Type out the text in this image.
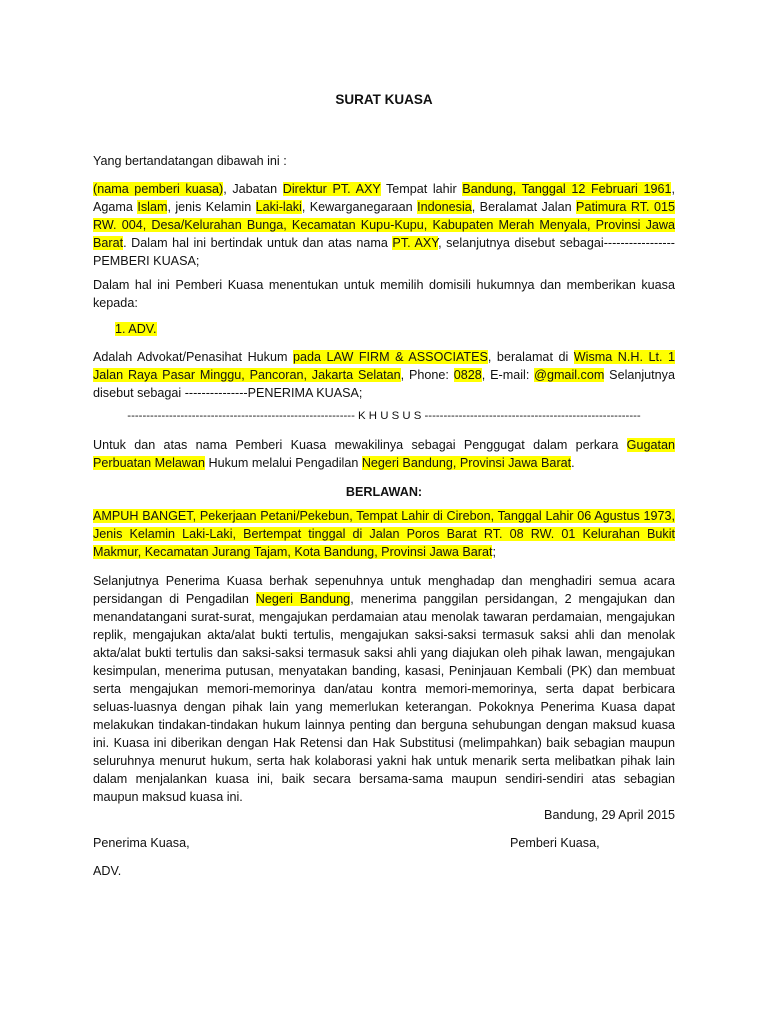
SURAT KUASA

Yang bertandatangan dibawah ini :

(nama pemberi kuasa), Jabatan Direktur PT. AXY Tempat lahir Bandung, Tanggal 12 Februari 1961, Agama Islam, jenis Kelamin Laki-laki, Kewarganegaraan Indonesia, Beralamat Jalan Patimura RT. 015 RW. 004, Desa/Kelurahan Bunga, Kecamatan Kupu-Kupu, Kabupaten Merah Menyala, Provinsi Jawa Barat. Dalam hal ini bertindak untuk dan atas nama PT. AXY, selanjutnya disebut sebagai-----------------PEMBERI KUASA;

Dalam hal ini Pemberi Kuasa menentukan untuk memilih domisili hukumnya dan memberikan kuasa kepada:

1. ADV.

Adalah Advokat/Penasihat Hukum pada LAW FIRM & ASSOCIATES, beralamat di Wisma N.H. Lt. 1 Jalan Raya Pasar Minggu, Pancoran, Jakarta Selatan, Phone: 0828, E-mail: @gmail.com Selanjutnya disebut sebagai ---------------PENERIMA KUASA;

------------------------------------------------------------ K H U S U S ---------------------------------------------------------

Untuk dan atas nama Pemberi Kuasa mewakilinya sebagai Penggugat dalam perkara Gugatan Perbuatan Melawan Hukum melalui Pengadilan Negeri Bandung, Provinsi Jawa Barat.

BERLAWAN:

AMPUH BANGET, Pekerjaan Petani/Pekebun, Tempat Lahir di Cirebon, Tanggal Lahir 06 Agustus 1973, Jenis Kelamin Laki-Laki, Bertempat tinggal di Jalan Poros Barat RT. 08 RW. 01 Kelurahan Bukit Makmur, Kecamatan Jurang Tajam, Kota Bandung, Provinsi Jawa Barat;

Selanjutnya Penerima Kuasa berhak sepenuhnya untuk menghadap dan menghadiri semua acara persidangan di Pengadilan Negeri Bandung, menerima panggilan persidangan, 2 mengajukan dan menandatangani surat-surat, mengajukan perdamaian atau menolak tawaran perdamaian, mengajukan replik, mengajukan akta/alat bukti tertulis, mengajukan saksi-saksi termasuk saksi ahli dan menolak akta/alat bukti tertulis dan saksi-saksi termasuk saksi ahli yang diajukan oleh pihak lawan, mengajukan kesimpulan, menerima putusan, menyatakan banding, kasasi, Peninjauan Kembali (PK) dan membuat serta mengajukan memori-memorinya dan/atau kontra memori-memorinya, serta dapat berbicara seluas-luasnya dengan pihak lain yang memerlukan keterangan. Pokoknya Penerima Kuasa dapat melakukan tindakan-tindakan hukum lainnya penting dan berguna sehubungan dengan maksud kuasa ini. Kuasa ini diberikan dengan Hak Retensi dan Hak Substitusi (melimpahkan) baik sebagian maupun seluruhnya menurut hukum, serta hak kolaborasi yakni hak untuk menarik serta melibatkan pihak lain dalam menjalankan kuasa ini, baik secara bersama-sama maupun sendiri-sendiri atas sebagian maupun maksud kuasa ini.

Bandung, 29 April 2015

Penerima Kuasa,	Pemberi Kuasa,

ADV.
